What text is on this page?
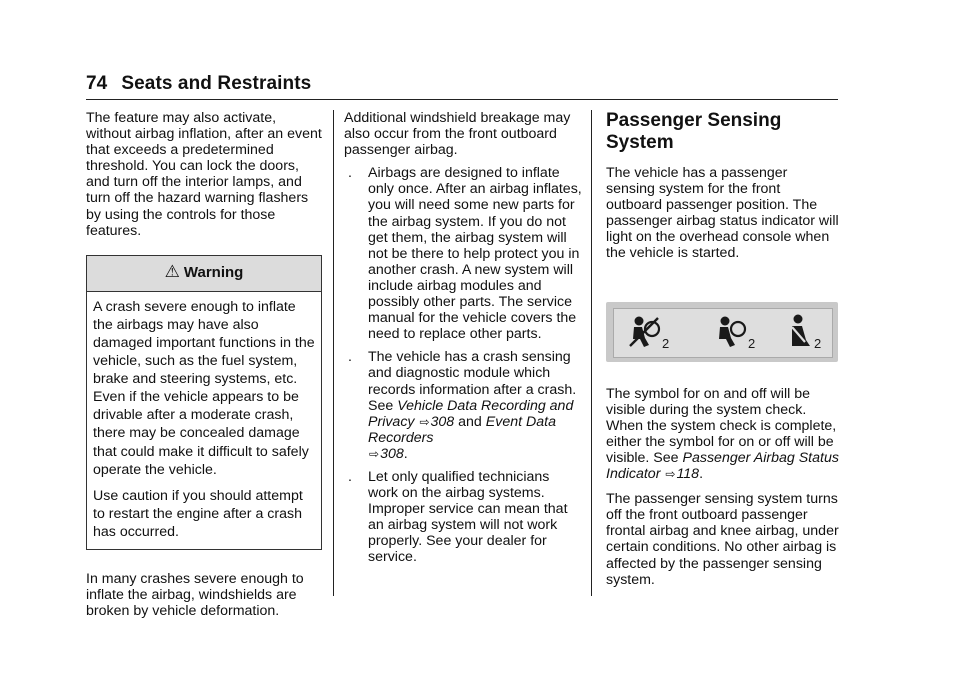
74 Seats and Restraints

The feature may also activate, without airbag inflation, after an event that exceeds a predetermined threshold. You can lock the doors, and turn off the interior lamps, and turn off the hazard warning flashers by using the controls for those features.

⚠ Warning

A crash severe enough to inflate the airbags may have also damaged important functions in the vehicle, such as the fuel system, brake and steering systems, etc. Even if the vehicle appears to be drivable after a moderate crash, there may be concealed damage that could make it difficult to safely operate the vehicle.

Use caution if you should attempt to restart the engine after a crash has occurred.

In many crashes severe enough to inflate the airbag, windshields are broken by vehicle deformation.

Additional windshield breakage may also occur from the front outboard passenger airbag.

.	Airbags are designed to inflate only once. After an airbag inflates, you will need some new parts for the airbag system. If you do not get them, the airbag system will not be there to help protect you in another crash. A new system will include airbag modules and possibly other parts. The service manual for the vehicle covers the need to replace other parts.
.	The vehicle has a crash sensing and diagnostic module which records information after a crash. See Vehicle Data Recording and Privacy ⇨308 and Event Data Recorders
⇨308.
.	Let only qualified technicians work on the airbag systems. Improper service can mean that an airbag system will not work properly. See your dealer for service.
Passenger Sensing
System

The vehicle has a passenger sensing system for the front outboard passenger position. The passenger airbag status indicator will light on the overhead console when the vehicle is started.

2	2	2

The symbol for on and off will be visible during the system check. When the system check is complete, either the symbol for on or off will be visible. See Passenger Airbag Status Indicator ⇨118.

The passenger sensing system turns off the front outboard passenger frontal airbag and knee airbag, under certain conditions. No other airbag is affected by the passenger sensing system.
